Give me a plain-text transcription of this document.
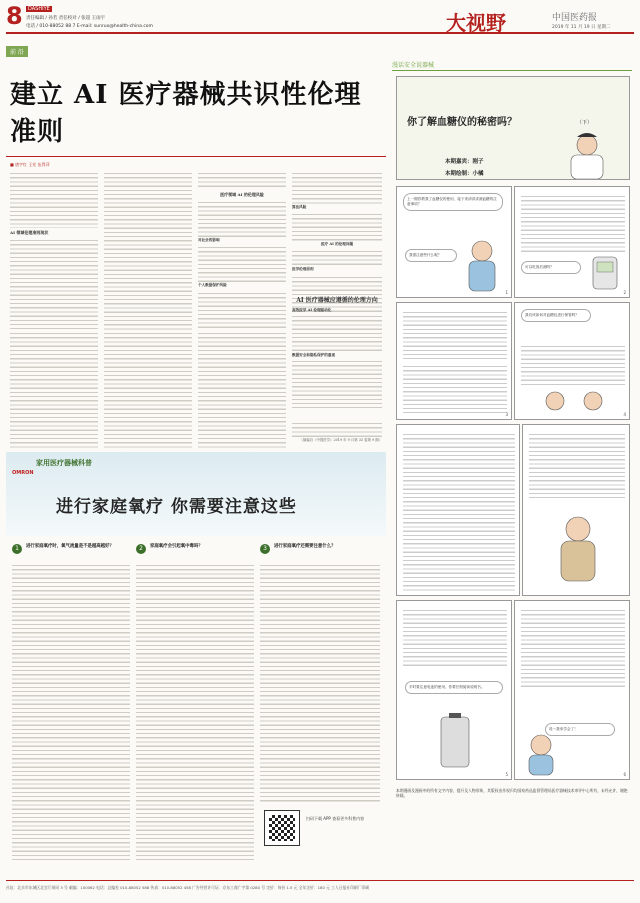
8	DASHIYE
责任编辑 / 孙若 责任校对 / 张超 王雨宇
电话 / 010-88052 88 7 E-mail: sunruo@health-china.com	大视野	中国医药报
2019 年 11 月 19 日 星期二
前 沿
建立 AI 医疗器械共识性伦理准则
■ 唐宇红 王宏 伍得萍
AI 领域伦理准则现状
医疗领域 AI 的伦理风险
对社会的影响
个人数据保护风险
算法风险
医疗 AI 的伦理问题
医学伦理原则
AI 医疗器械应遵循的伦理方向
高效医学 AI 伦理驱动化
数据安全和隐私保护的重视
（摘编自《中国医学》2019 年 9 月第 33 卷第 9 期）
漫话安全说器械
你了解血糖仪的秘密吗？	（下）
本期嘉宾：刚子
本期绘制：小橘
上一期你教我了血糖仪的使用，接下来请讲讲测血糖的注意事项？
我需注意些什么呢？
1
可以吃饭后测吗？
2
3
我们该如何对血糖仪进行保管吗？
4
平时要注意电池的使用，你要仔细阅读说明书。
5
哇～我来学会了！
6
本期漫画及漫画中的所有文字内容，提升及人物形象，其版权由作权归均国家药品监督管理局医疗器械技术审评中心所有，未经允许，谢绝转载。
家用医疗器械科普
OMRON
进行家庭氧疗 你需要注意这些
1	进行家庭氧疗时，氧气流量是不是越高越好？	2	家庭氧疗会引起氧中毒吗？	3	进行家庭氧疗还需要注意什么？
扫码下载 APP 查看更多科普内容
社址：北京市东城区北官厅胡同 3 号 邮编：100062 电话：总编室 010-88052 588 传真：010-88052 458 广告经营许可证：京东工商广字第 0280 号 定价：每份 1.5 元 全年定价：180 元 工人日报社印刷厂印刷
